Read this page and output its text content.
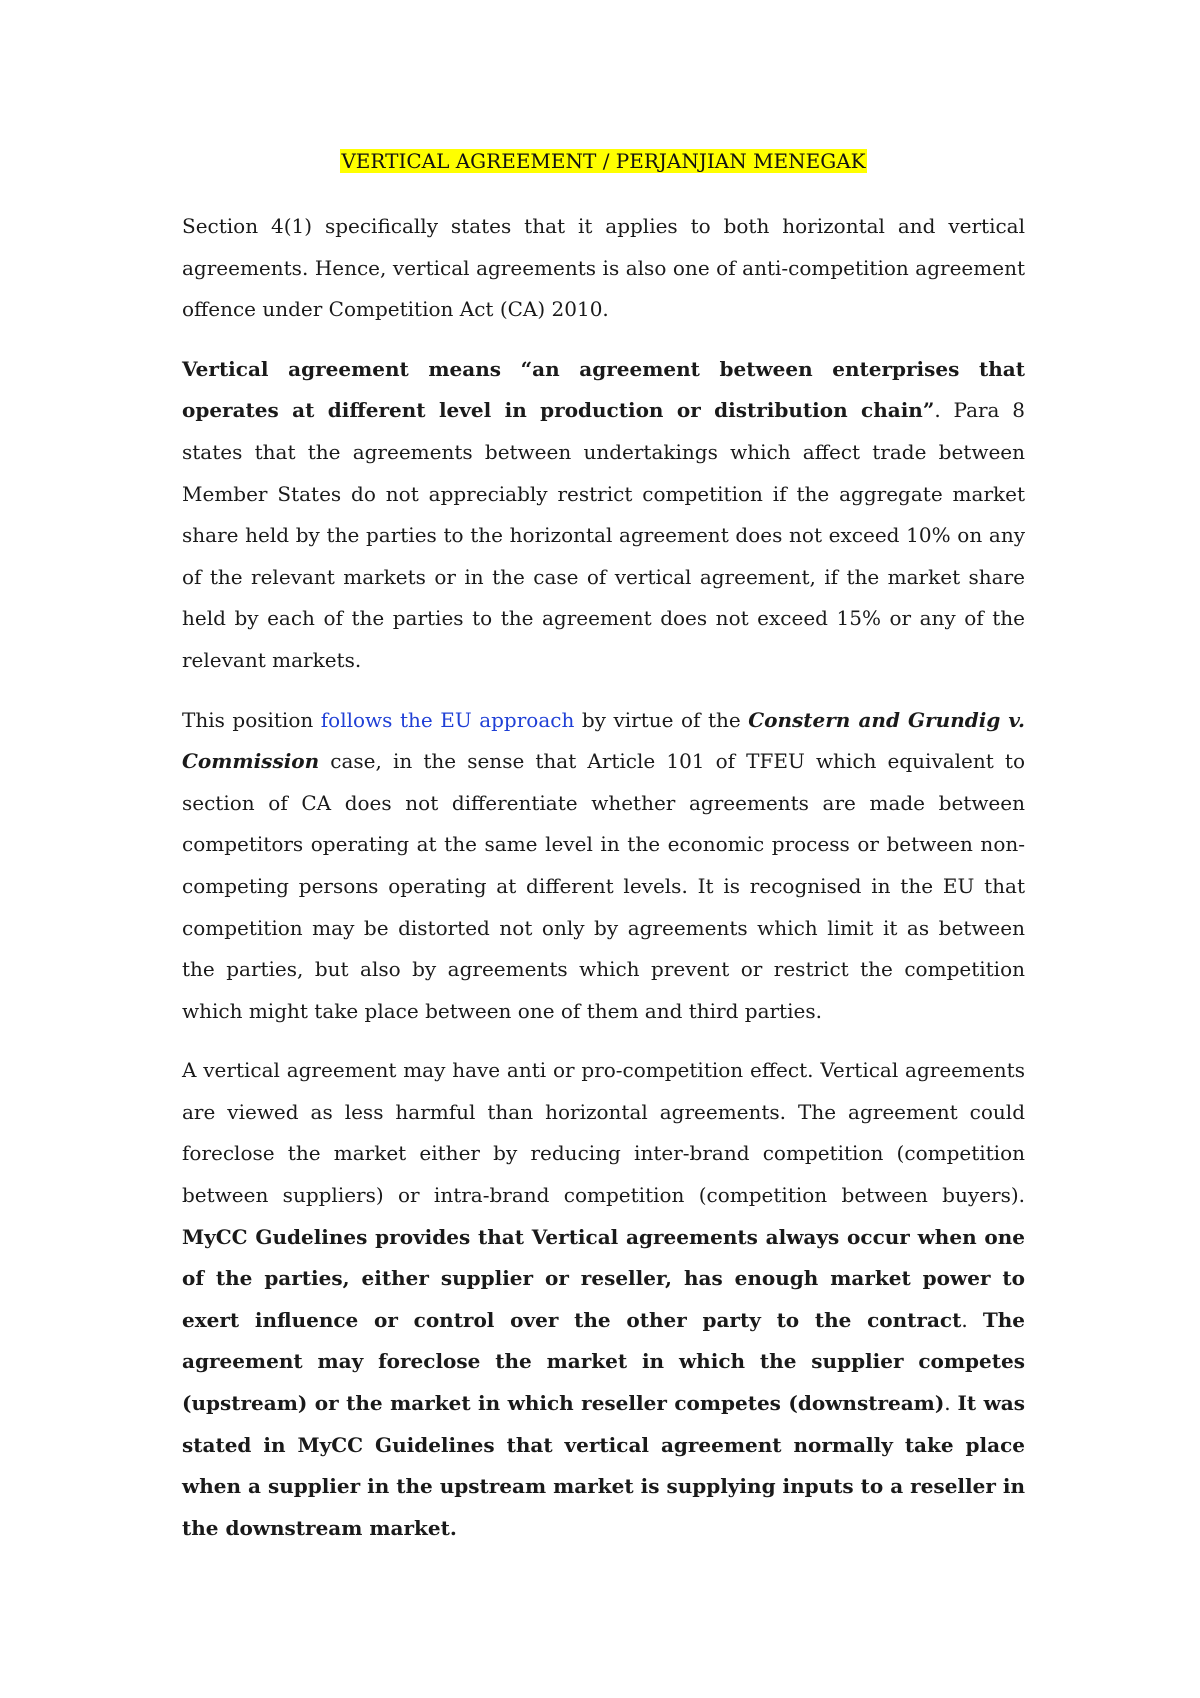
VERTICAL AGREEMENT / PERJANJIAN MENEGAK

Section 4(1) specifically states that it applies to both horizontal and vertical agreements. Hence, vertical agreements is also one of anti-competition agreement offence under Competition Act (CA) 2010.

Vertical agreement means “an agreement between enterprises that operates at different level in production or distribution chain”. Para 8 states that the agreements between undertakings which affect trade between Member States do not appreciably restrict competition if the aggregate market share held by the parties to the horizontal agreement does not exceed 10% on any of the relevant markets or in the case of vertical agreement, if the market share held by each of the parties to the agreement does not exceed 15% or any of the relevant markets.

This position follows the EU approach by virtue of the Constern and Grundig v. Commission case, in the sense that Article 101 of TFEU which equivalent to section of CA does not differentiate whether agreements are made between competitors operating at the same level in the economic process or between non-competing persons operating at different levels. It is recognised in the EU that competition may be distorted not only by agreements which limit it as between the parties, but also by agreements which prevent or restrict the competition which might take place between one of them and third parties.

A vertical agreement may have anti or pro-competition effect. Vertical agreements are viewed as less harmful than horizontal agreements. The agreement could foreclose the market either by reducing inter-brand competition (competition between suppliers) or intra-brand competition (competition between buyers). MyCC Gudelines provides that Vertical agreements always occur when one of the parties, either supplier or reseller, has enough market power to exert influence or control over the other party to the contract. The agreement may foreclose the market in which the supplier competes (upstream) or the market in which reseller competes (downstream). It was stated in MyCC Guidelines that vertical agreement normally take place when a supplier in the upstream market is supplying inputs to a reseller in the downstream market.
